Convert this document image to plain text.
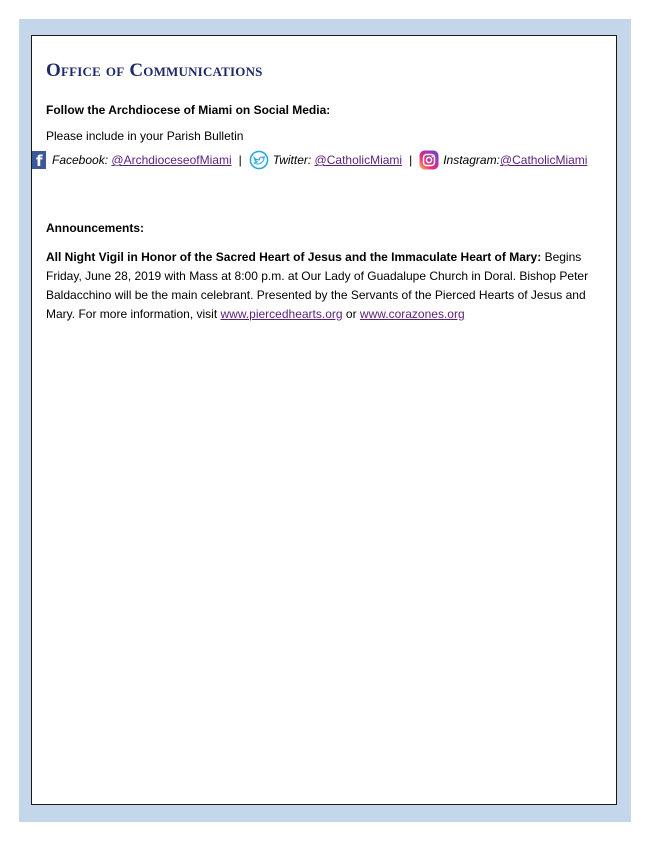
Office of Communications
Follow the Archdiocese of Miami on Social Media:
Please include in your Parish Bulletin
f Facebook:
@ArchdioceseofMiami |	Twitter:
@CatholicMiami |	Instagram: @CatholicMiami
Announcements:

All Night Vigil in Honor of the Sacred Heart of Jesus and the Immaculate Heart of Mary: Begins Friday, June 28, 2019 with Mass at 8:00 p.m. at Our Lady of Guadalupe Church in Doral. Bishop Peter Baldacchino will be the main celebrant. Presented by the Servants of the Pierced Hearts of Jesus and Mary. For more information, visit www.piercedhearts.org or www.corazones.org
